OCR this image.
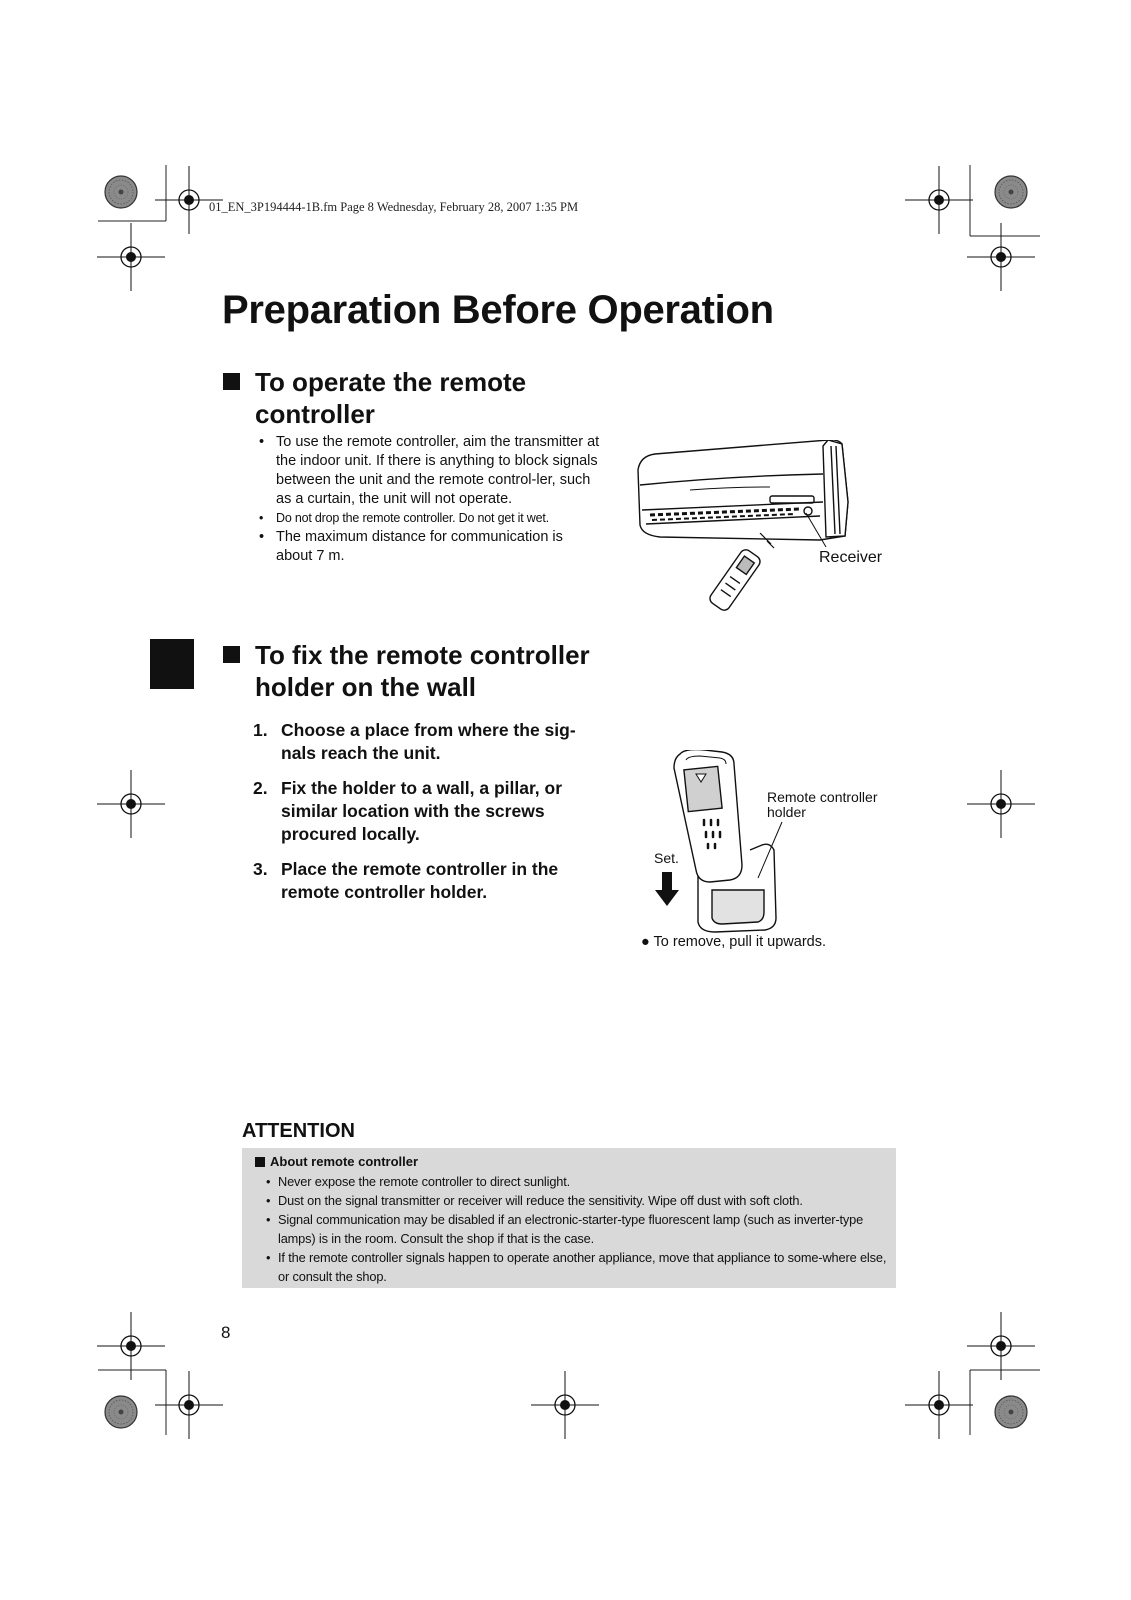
01_EN_3P194444-1B.fm Page 8 Wednesday, February 28, 2007 1:35 PM
Preparation Before Operation
To operate the remote controller
• To use the remote controller, aim the transmitter at the indoor unit. If there is anything to block signals between the unit and the remote control-ler, such as a curtain, the unit will not operate.
• Do not drop the remote controller. Do not get it wet.
• The maximum distance for communication is about 7 m.	Receiver
To fix the remote controller holder on the wall
1. Choose a place from where the sig-nals reach the unit.
2. Fix the holder to a wall, a pillar, or similar location with the screws procured locally.
3. Place the remote controller in the remote controller holder.
Set.
Remote controller holder
● To remove, pull it upwards.
ATTENTION
About remote controller
• Never expose the remote controller to direct sunlight.
• Dust on the signal transmitter or receiver will reduce the sensitivity. Wipe off dust with soft cloth.
• Signal communication may be disabled if an electronic-starter-type fluorescent lamp (such as inverter-type lamps) is in the room. Consult the shop if that is the case.
• If the remote controller signals happen to operate another appliance, move that appliance to some-where else, or consult the shop.
8
